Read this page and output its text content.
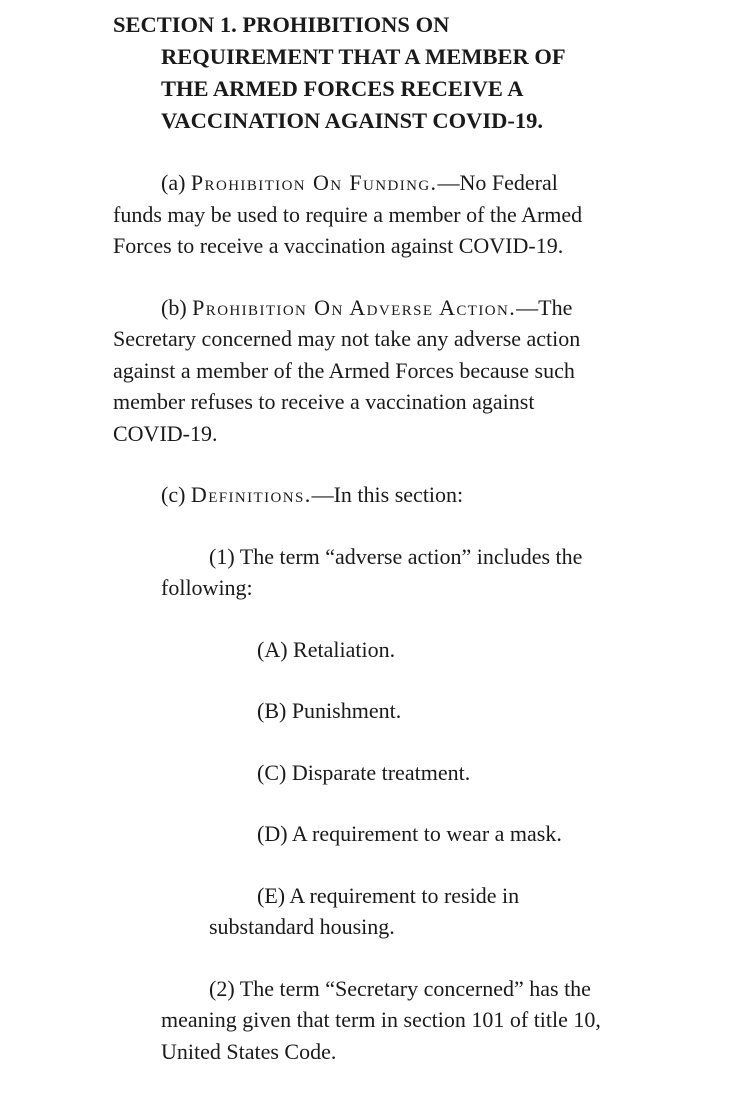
SECTION 1. PROHIBITIONS ON
REQUIREMENT THAT A MEMBER OF THE ARMED FORCES RECEIVE A VACCINATION AGAINST COVID-19.

(a) Prohibition On Funding.—No Federal funds may be used to require a member of the Armed Forces to receive a vaccination against COVID-19.

(b) Prohibition On Adverse Action.—The Secretary concerned may not take any adverse action against a member of the Armed Forces because such member refuses to receive a vaccination against COVID-19.

(c) Definitions.—In this section:

(1) The term “adverse action” includes the following:

(A) Retaliation.

(B) Punishment.

(C) Disparate treatment.

(D) A requirement to wear a mask.

(E) A requirement to reside in substandard housing.

(2) The term “Secretary concerned” has the meaning given that term in section 101 of title 10, United States Code.
